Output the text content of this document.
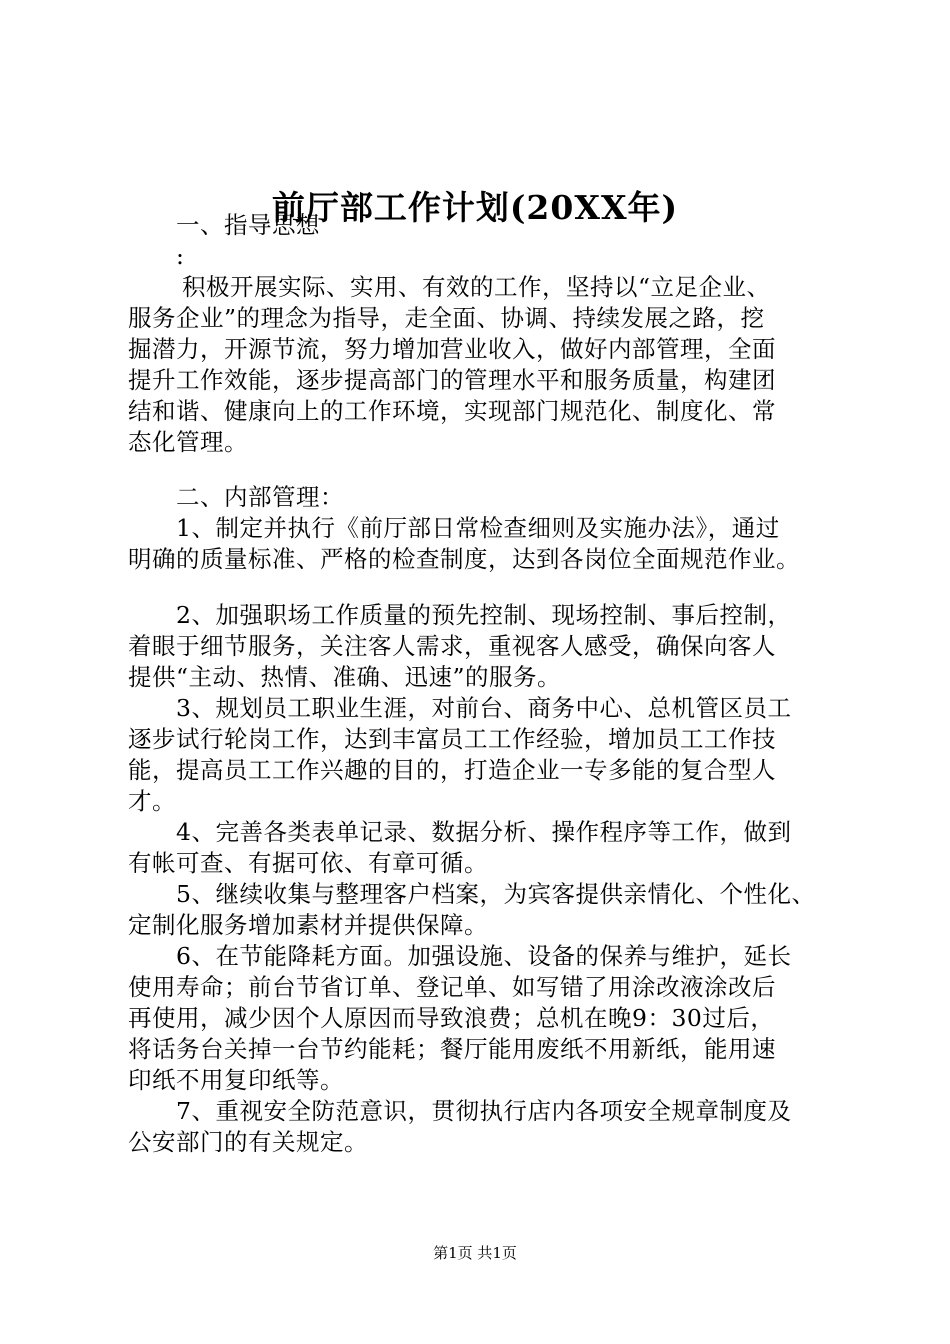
前厅部工作计划(20XX年)
一、指导思想
:
积极开展实际、实用、有效的工作，坚持以“立足企业、
服务企业”的理念为指导，走全面、协调、持续发展之路，挖
掘潜力，开源节流，努力增加营业收入，做好内部管理，全面
提升工作效能，逐步提高部门的管理水平和服务质量，构建团
结和谐、健康向上的工作环境，实现部门规范化、制度化、常
态化管理。
二、内部管理：
1、制定并执行《前厅部日常检查细则及实施办法》，通过
明确的质量标准、严格的检查制度，达到各岗位全面规范作业。
2、加强职场工作质量的预先控制、现场控制、事后控制，
着眼于细节服务，关注客人需求，重视客人感受，确保向客人
提供“主动、热情、准确、迅速”的服务。
3、规划员工职业生涯，对前台、商务中心、总机管区员工
逐步试行轮岗工作，达到丰富员工工作经验，增加员工工作技
能，提高员工工作兴趣的目的，打造企业一专多能的复合型人
才。
4、完善各类表单记录、数据分析、操作程序等工作，做到
有帐可查、有据可依、有章可循。
5、继续收集与整理客户档案，为宾客提供亲情化、个性化、
定制化服务增加素材并提供保障。
6、在节能降耗方面。加强设施、设备的保养与维护，延长
使用寿命；前台节省订单、登记单、如写错了用涂改液涂改后
再使用，减少因个人原因而导致浪费；总机在晚9：30过后，
将话务台关掉一台节约能耗；餐厅能用废纸不用新纸，能用速
印纸不用复印纸等。
7、重视安全防范意识，贯彻执行店内各项安全规章制度及
公安部门的有关规定。
第1页 共1页
